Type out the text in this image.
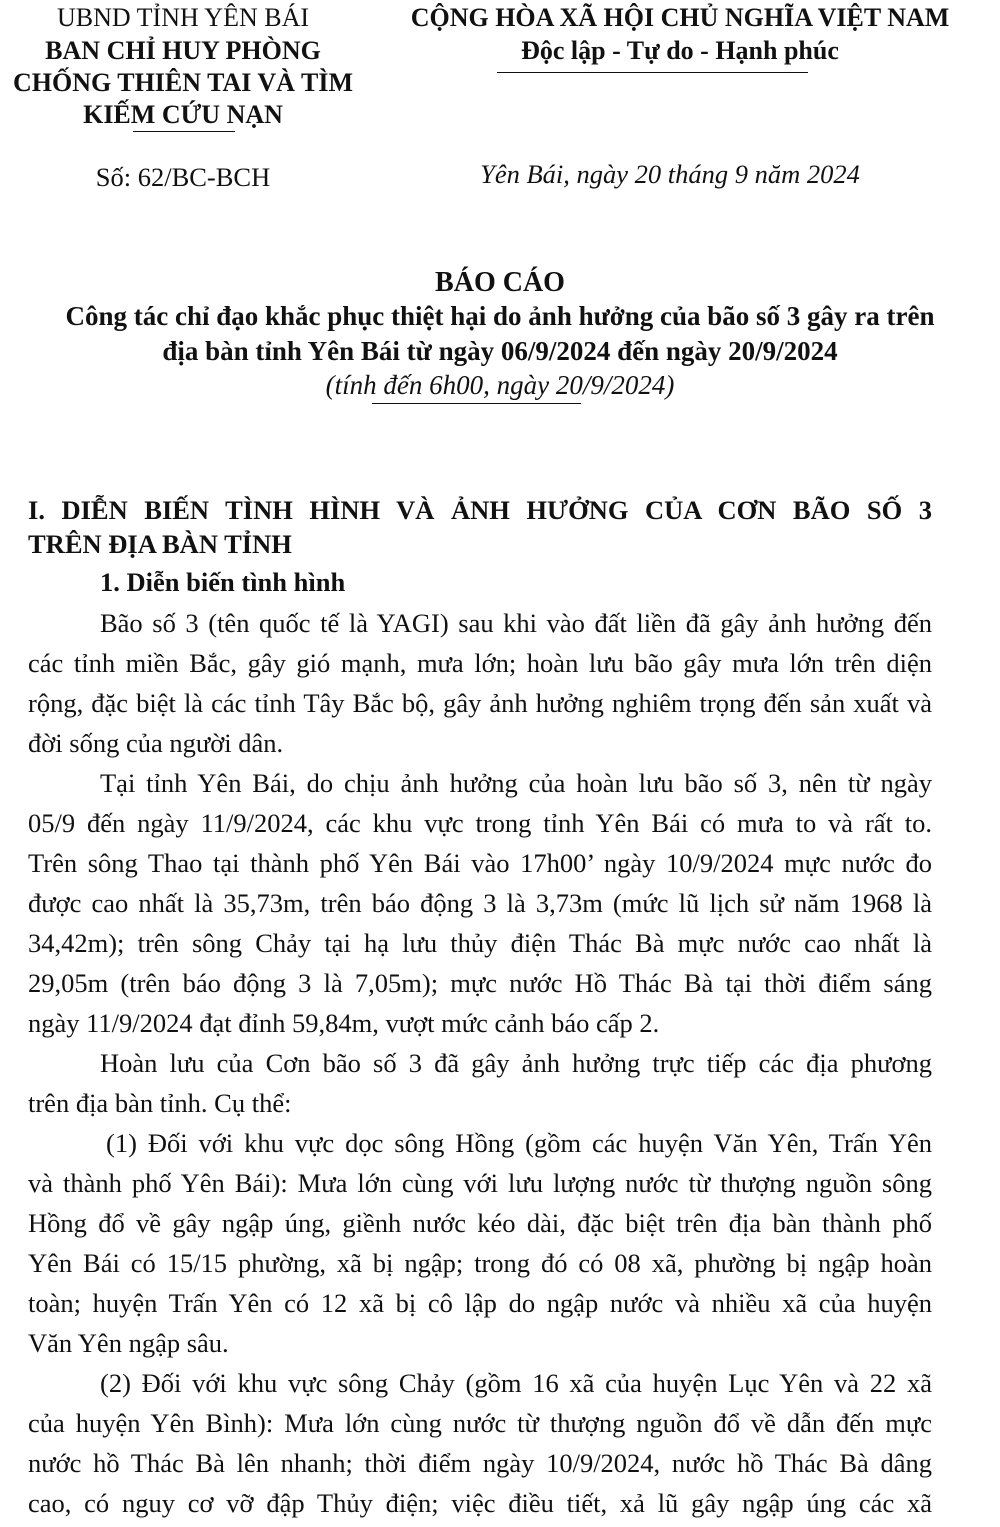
UBND TỈNH YÊN BÁI
BAN CHỈ HUY PHÒNG
CHỐNG THIÊN TAI VÀ TÌM
KIẾM CỨU NẠN
Số: 62/BC-BCH
CỘNG HÒA XÃ HỘI CHỦ NGHĨA VIỆT NAM
Độc lập - Tự do - Hạnh phúc
Yên Bái, ngày 20 tháng 9 năm 2024
BÁO CÁO
Công tác chỉ đạo khắc phục thiệt hại do ảnh hưởng của bão số 3 gây ra trên
địa bàn tỉnh Yên Bái từ ngày 06/9/2024 đến ngày 20/9/2024
(tính đến 6h00, ngày 20/9/2024)
I. DIỄN BIẾN TÌNH HÌNH VÀ ẢNH HƯỞNG CỦA CƠN BÃO SỐ 3
TRÊN ĐỊA BÀN TỈNH
1. Diễn biến tình hình
Bão số 3 (tên quốc tế là YAGI) sau khi vào đất liền đã gây ảnh hưởng đến
các tỉnh miền Bắc, gây gió mạnh, mưa lớn; hoàn lưu bão gây mưa lớn trên diện
rộng, đặc biệt là các tỉnh Tây Bắc bộ, gây ảnh hưởng nghiêm trọng đến sản xuất và
đời sống của người dân.
Tại tỉnh Yên Bái, do chịu ảnh hưởng của hoàn lưu bão số 3, nên từ ngày
05/9 đến ngày 11/9/2024, các khu vực trong tỉnh Yên Bái có mưa to và rất to.
Trên sông Thao tại thành phố Yên Bái vào 17h00’ ngày 10/9/2024 mực nước đo
được cao nhất là 35,73m, trên báo động 3 là 3,73m (mức lũ lịch sử năm 1968 là
34,42m); trên sông Chảy tại hạ lưu thủy điện Thác Bà mực nước cao nhất là
29,05m (trên báo động 3 là 7,05m); mực nước Hồ Thác Bà tại thời điểm sáng
ngày 11/9/2024 đạt đỉnh 59,84m, vượt mức cảnh báo cấp 2.
Hoàn lưu của Cơn bão số 3 đã gây ảnh hưởng trực tiếp các địa phương
trên địa bàn tỉnh. Cụ thể:
(1) Đối với khu vực dọc sông Hồng (gồm các huyện Văn Yên, Trấn Yên
và thành phố Yên Bái): Mưa lớn cùng với lưu lượng nước từ thượng nguồn sông
Hồng đổ về gây ngập úng, giềnh nước kéo dài, đặc biệt trên địa bàn thành phố
Yên Bái có 15/15 phường, xã bị ngập; trong đó có 08 xã, phường bị ngập hoàn
toàn; huyện Trấn Yên có 12 xã bị cô lập do ngập nước và nhiều xã của huyện
Văn Yên ngập sâu.
(2) Đối với khu vực sông Chảy (gồm 16 xã của huyện Lục Yên và 22 xã
của huyện Yên Bình): Mưa lớn cùng nước từ thượng nguồn đổ về dẫn đến mực
nước hồ Thác Bà lên nhanh; thời điểm ngày 10/9/2024, nước hồ Thác Bà dâng
cao, có nguy cơ vỡ đập Thủy điện; việc điều tiết, xả lũ gây ngập úng các xã
